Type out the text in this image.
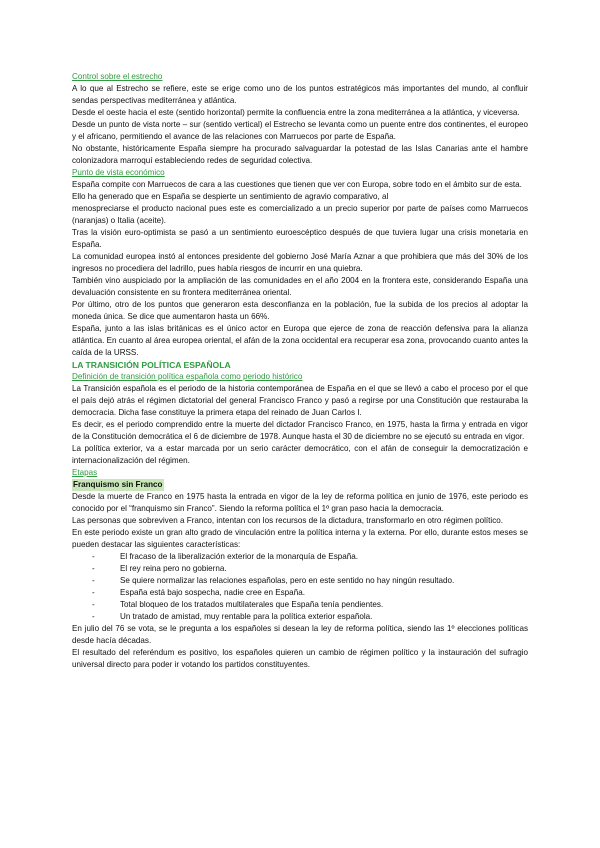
Control sobre el estrecho

A lo que al Estrecho se refiere, este se erige como uno de los puntos estratégicos más importantes del mundo, al confluir sendas perspectivas mediterránea y atlántica.

Desde el oeste hacia el este (sentido horizontal) permite la confluencia entre la zona mediterránea a la atlántica, y viceversa.

Desde un punto de vista norte – sur (sentido vertical) el Estrecho se levanta como un puente entre dos continentes, el europeo y el africano, permitiendo el avance de las relaciones con Marruecos por parte de España.

No obstante, históricamente España siempre ha procurado salvaguardar la potestad de las Islas Canarias ante el hambre colonizadora marroquí estableciendo redes de seguridad colectiva.

Punto de vista económico

España compite con Marruecos de cara a las cuestiones que tienen que ver con Europa, sobre todo en el ámbito sur de esta.

Ello ha generado que en España se despierte un sentimiento de agravio comparativo, al

menospreciarse el producto nacional pues este es comercializado a un precio superior por parte de países como Marruecos (naranjas) o Italia (aceite).

Tras la visión euro-optimista se pasó a un sentimiento euroescéptico después de que tuviera lugar una crisis monetaria en España.

La comunidad europea instó al entonces presidente del gobierno José María Aznar a que prohibiera que más del 30% de los ingresos no procediera del ladrillo, pues había riesgos de incurrir en una quiebra.

También vino auspiciado por la ampliación de las comunidades en el año 2004 en la frontera este, considerando España una devaluación consistente en su frontera mediterránea oriental.

Por último, otro de los puntos que generaron esta desconfianza en la población, fue la subida de los precios al adoptar la moneda única. Se dice que aumentaron hasta un 66%.

España, junto a las islas británicas es el único actor en Europa que ejerce de zona de reacción defensiva para la alianza atlántica. En cuanto al área europea oriental, el afán de la zona occidental era recuperar esa zona, provocando cuanto antes la caída de la URSS.

LA TRANSICIÓN POLÍTICA ESPAÑOLA

Definición de transición política española como periodo histórico

La Transición española es el periodo de la historia contemporánea de España en el que se llevó a cabo el proceso por el que el país dejó atrás el régimen dictatorial del general Francisco Franco y pasó a regirse por una Constitución que restauraba la democracia. Dicha fase constituye la primera etapa del reinado de Juan Carlos I.

Es decir, es el periodo comprendido entre la muerte del dictador Francisco Franco, en 1975, hasta la firma y entrada en vigor de la Constitución democrática el 6 de diciembre de 1978. Aunque hasta el 30 de diciembre no se ejecutó su entrada en vigor.

La política exterior, va a estar marcada por un serio carácter democrático, con el afán de conseguir la democratización e internacionalización del régimen.

Etapas

Franquismo sin Franco

Desde la muerte de Franco en 1975 hasta la entrada en vigor de la ley de reforma política en junio de 1976, este periodo es conocido por el “franquismo sin Franco”. Siendo la reforma política el 1º gran paso hacia la democracia.

Las personas que sobreviven a Franco, intentan con los recursos de la dictadura, transformarlo en otro régimen político.

En este periodo existe un gran alto grado de vinculación entre la política interna y la externa. Por ello, durante estos meses se pueden destacar las siguientes características:

- El fracaso de la liberalización exterior de la monarquía de España.
- El rey reina pero no gobierna.
- Se quiere normalizar las relaciones españolas, pero en este sentido no hay ningún resultado.
- España está bajo sospecha, nadie cree en España.
- Total bloqueo de los tratados multilaterales que España tenía pendientes.
- Un tratado de amistad, muy rentable para la política exterior española.

En julio del 76 se vota, se le pregunta a los españoles si desean la ley de reforma política, siendo las 1º elecciones políticas desde hacía décadas.

El resultado del referéndum es positivo, los españoles quieren un cambio de régimen político y la instauración del sufragio universal directo para poder ir votando los partidos constituyentes.
